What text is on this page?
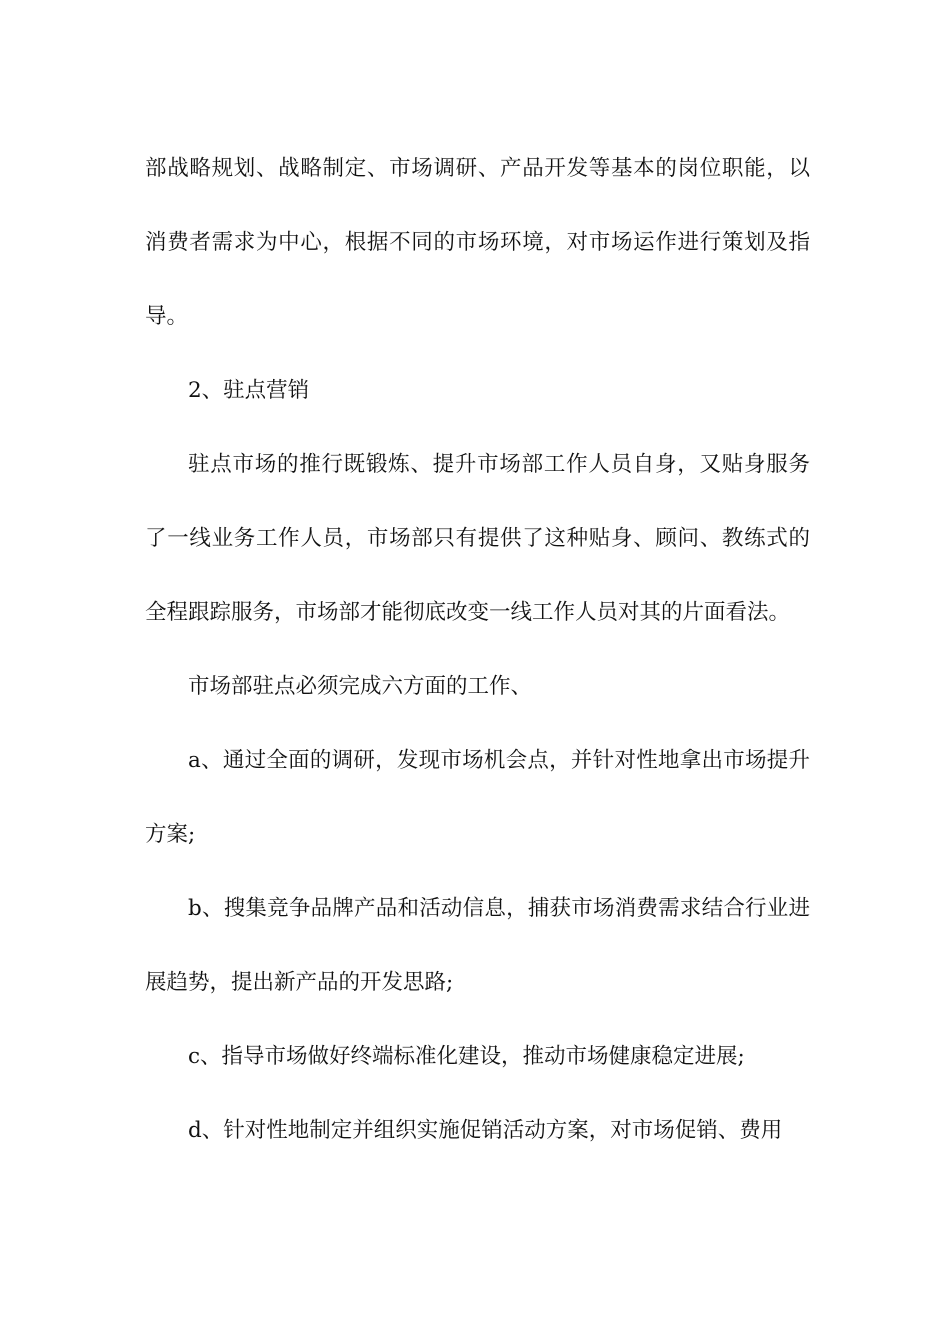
部战略规划、战略制定、市场调研、产品开发等基本的岗位职能，以消费者需求为中心，根据不同的市场环境，对市场运作进行策划及指导。

2、驻点营销

驻点市场的推行既锻炼、提升市场部工作人员自身，又贴身服务了一线业务工作人员，市场部只有提供了这种贴身、顾问、教练式的全程跟踪服务，市场部才能彻底改变一线工作人员对其的片面看法。

市场部驻点必须完成六方面的工作、

a、通过全面的调研，发现市场机会点，并针对性地拿出市场提升方案;

b、搜集竞争品牌产品和活动信息，捕获市场消费需求结合行业进展趋势，提出新产品的开发思路;

c、指导市场做好终端标准化建设，推动市场健康稳定进展;

d、针对性地制定并组织实施促销活动方案，对市场促销、费用
